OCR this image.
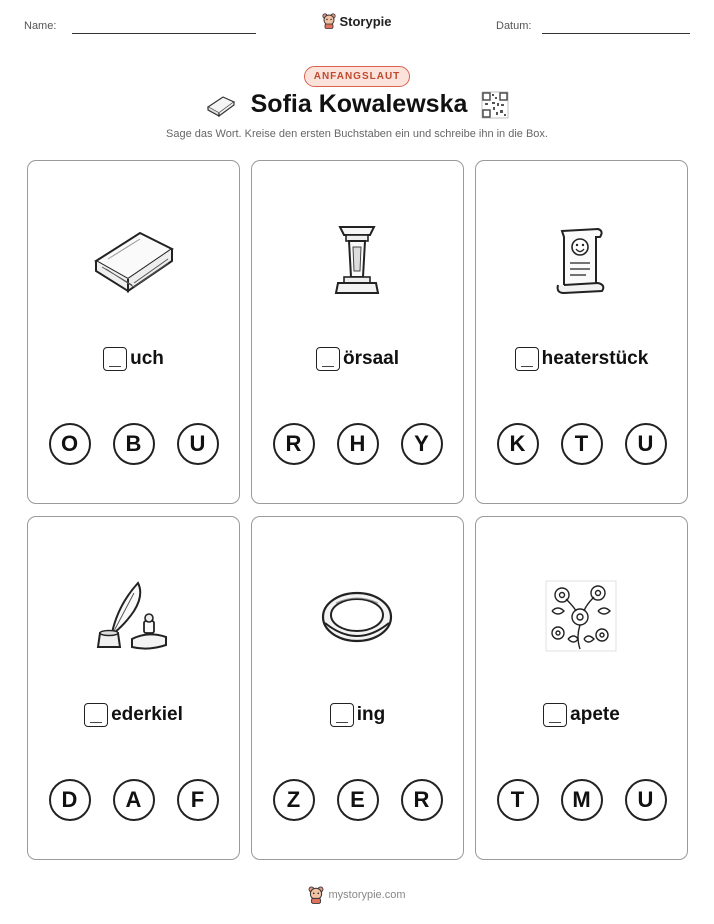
Name:	Datum:
Storypie
ANFANGSLAUT
Sofia Kowalewska
Sage das Wort. Kreise den ersten Buchstaben ein und schreibe ihn in die Box.
uch
O	B	U
örsaal
R	H	Y
heaterstück
K	T	U
ederkiel
D	A	F
ing
Z	E	R
apete
T	M	U
mystorypie.com
